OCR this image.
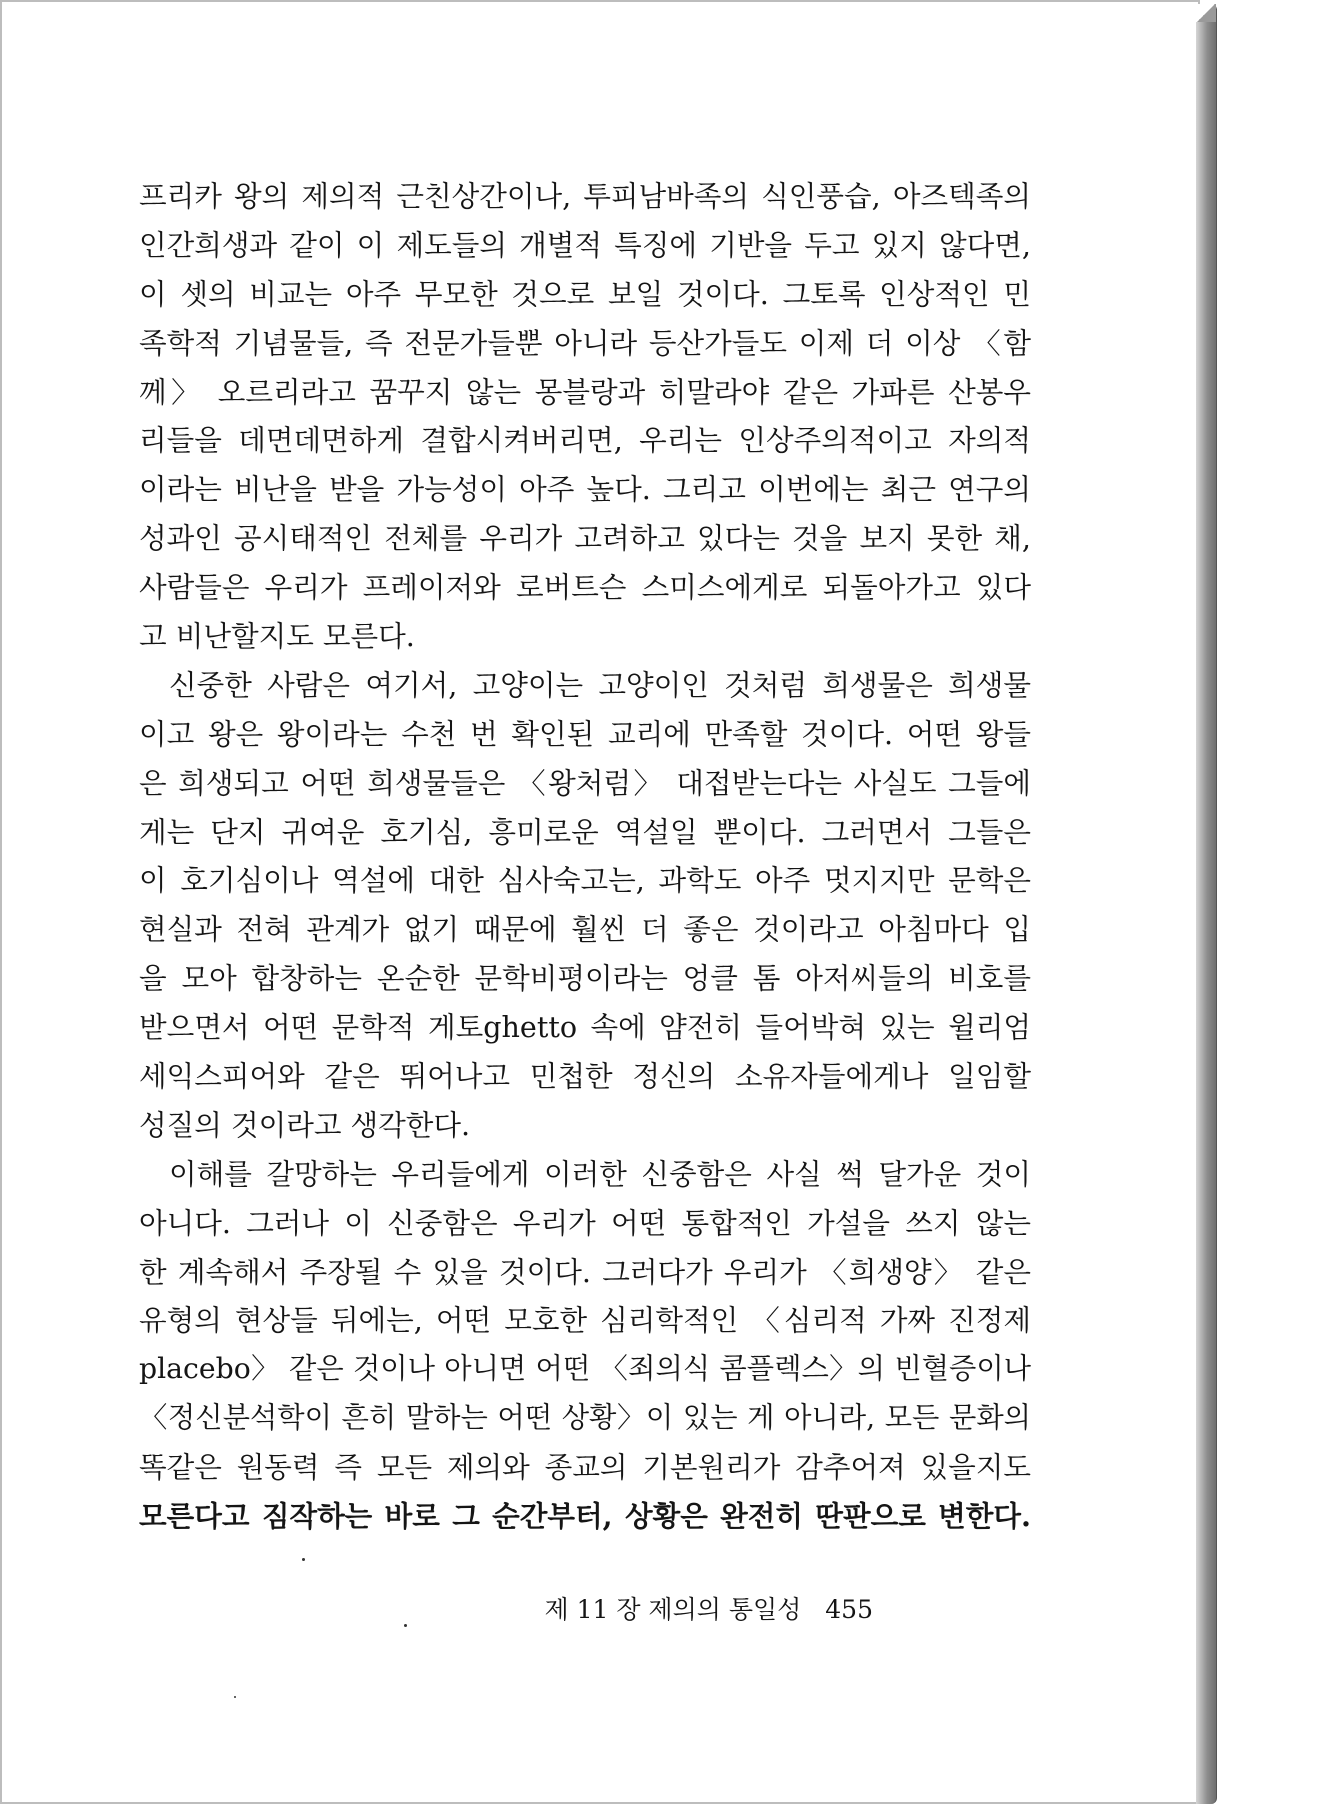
프리카 왕의 제의적 근친상간이나, 투피남바족의 식인풍습, 아즈텍족의
인간희생과 같이 이 제도들의 개별적 특징에 기반을 두고 있지 않다면,
이 셋의 비교는 아주 무모한 것으로 보일 것이다. 그토록 인상적인 민
족학적 기념물들, 즉 전문가들뿐 아니라 등산가들도 이제 더 이상 〈함
께〉 오르리라고 꿈꾸지 않는 몽블랑과 히말라야 같은 가파른 산봉우
리들을 데면데면하게 결합시켜버리면, 우리는 인상주의적이고 자의적
이라는 비난을 받을 가능성이 아주 높다. 그리고 이번에는 최근 연구의
성과인 공시태적인 전체를 우리가 고려하고 있다는 것을 보지 못한 채,
사람들은 우리가 프레이저와 로버트슨 스미스에게로 되돌아가고 있다
고 비난할지도 모른다.
신중한 사람은 여기서, 고양이는 고양이인 것처럼 희생물은 희생물
이고 왕은 왕이라는 수천 번 확인된 교리에 만족할 것이다. 어떤 왕들
은 희생되고 어떤 희생물들은 〈왕처럼〉 대접받는다는 사실도 그들에
게는 단지 귀여운 호기심, 흥미로운 역설일 뿐이다. 그러면서 그들은
이 호기심이나 역설에 대한 심사숙고는, 과학도 아주 멋지지만 문학은
현실과 전혀 관계가 없기 때문에 훨씬 더 좋은 것이라고 아침마다 입
을 모아 합창하는 온순한 문학비평이라는 엉클 톰 아저씨들의 비호를
받으면서 어떤 문학적 게토ghetto 속에 얌전히 들어박혀 있는 윌리엄
세익스피어와 같은 뛰어나고 민첩한 정신의 소유자들에게나 일임할
성질의 것이라고 생각한다.
이해를 갈망하는 우리들에게 이러한 신중함은 사실 썩 달가운 것이
아니다. 그러나 이 신중함은 우리가 어떤 통합적인 가설을 쓰지 않는
한 계속해서 주장될 수 있을 것이다. 그러다가 우리가 〈희생양〉 같은
유형의 현상들 뒤에는, 어떤 모호한 심리학적인 〈심리적 가짜 진정제
placebo〉 같은 것이나 아니면 어떤 〈죄의식 콤플렉스〉의 빈혈증이나
〈정신분석학이 흔히 말하는 어떤 상황〉이 있는 게 아니라, 모든 문화의
똑같은 원동력 즉 모든 제의와 종교의 기본원리가 감추어져 있을지도
모른다고 짐작하는 바로 그 순간부터, 상황은 완전히 딴판으로 변한다.
제 11 장 제의의 통일성 455
